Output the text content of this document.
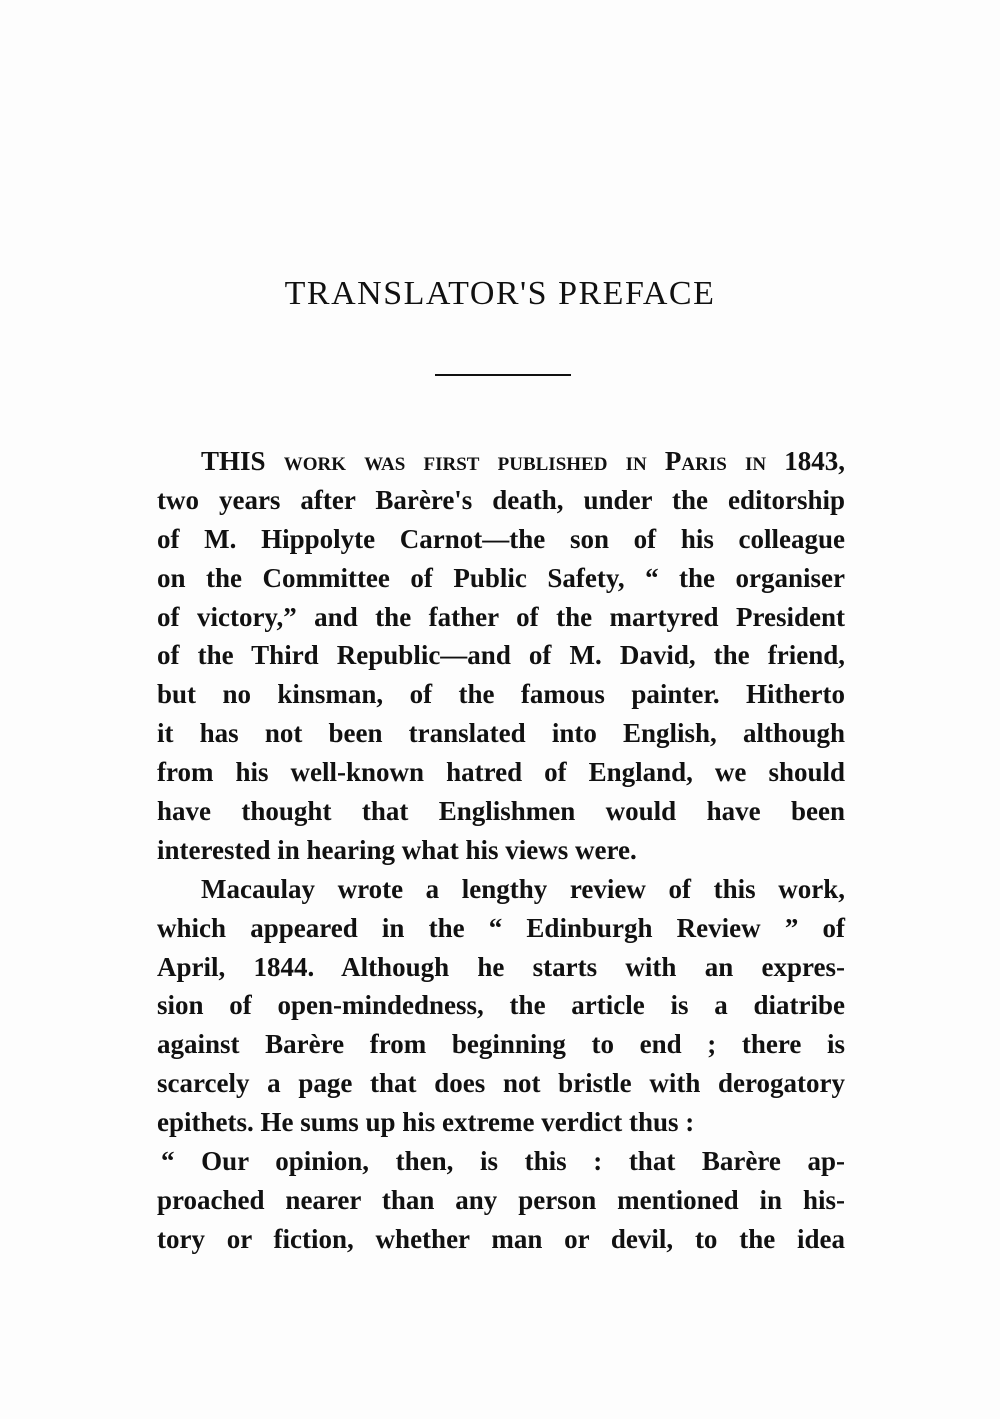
TRANSLATOR'S PREFACE
THIS work was first published in Paris in 1843,
two years after Barère's death, under the editorship
of M. Hippolyte Carnot—the son of his colleague
on the Committee of Public Safety, “ the organiser
of victory,” and the father of the martyred President
of the Third Republic—and of M. David, the friend,
but no kinsman, of the famous painter. Hitherto
it has not been translated into English, although
from his well-known hatred of England, we should
have thought that Englishmen would have been
interested in hearing what his views were.
Macaulay wrote a lengthy review of this work,
which appeared in the “ Edinburgh Review ” of
April, 1844. Although he starts with an expres-
sion of open-mindedness, the article is a diatribe
against Barère from beginning to end ; there is
scarcely a page that does not bristle with derogatory
epithets. He sums up his extreme verdict thus :
“ Our opinion, then, is this : that Barère ap-
proached nearer than any person mentioned in his-
tory or fiction, whether man or devil, to the idea
